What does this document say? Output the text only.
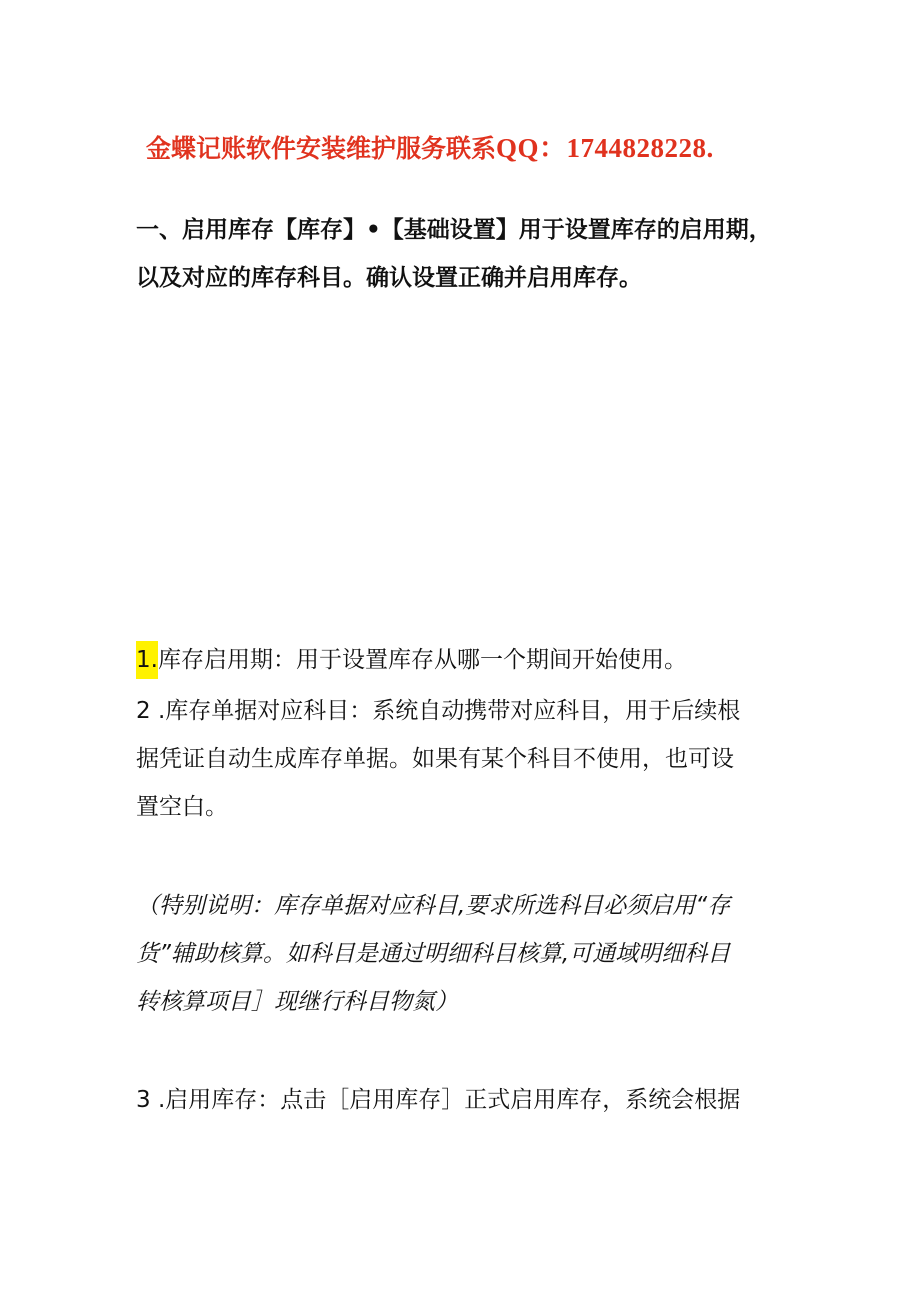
金蝶记账软件安装维护服务联系QQ：1744828228.
一、启用库存【库存】•【基础设置】用于设置库存的启用期，
以及对应的库存科目。确认设置正确并启用库存。
1.库存启用期：用于设置库存从哪一个期间开始使用。
2 .库存单据对应科目：系统自动携带对应科目，用于后续根
据凭证自动生成库存单据。如果有某个科目不使用，也可设
置空白。
（特别说明：库存单据对应科目,要求所选科目必须启用“存
货”辅助核算。如科目是通过明细科目核算,可通域明细科目
转核算项目］现继行科目物氮）
3 .启用库存：点击［启用库存］正式启用库存，系统会根据
